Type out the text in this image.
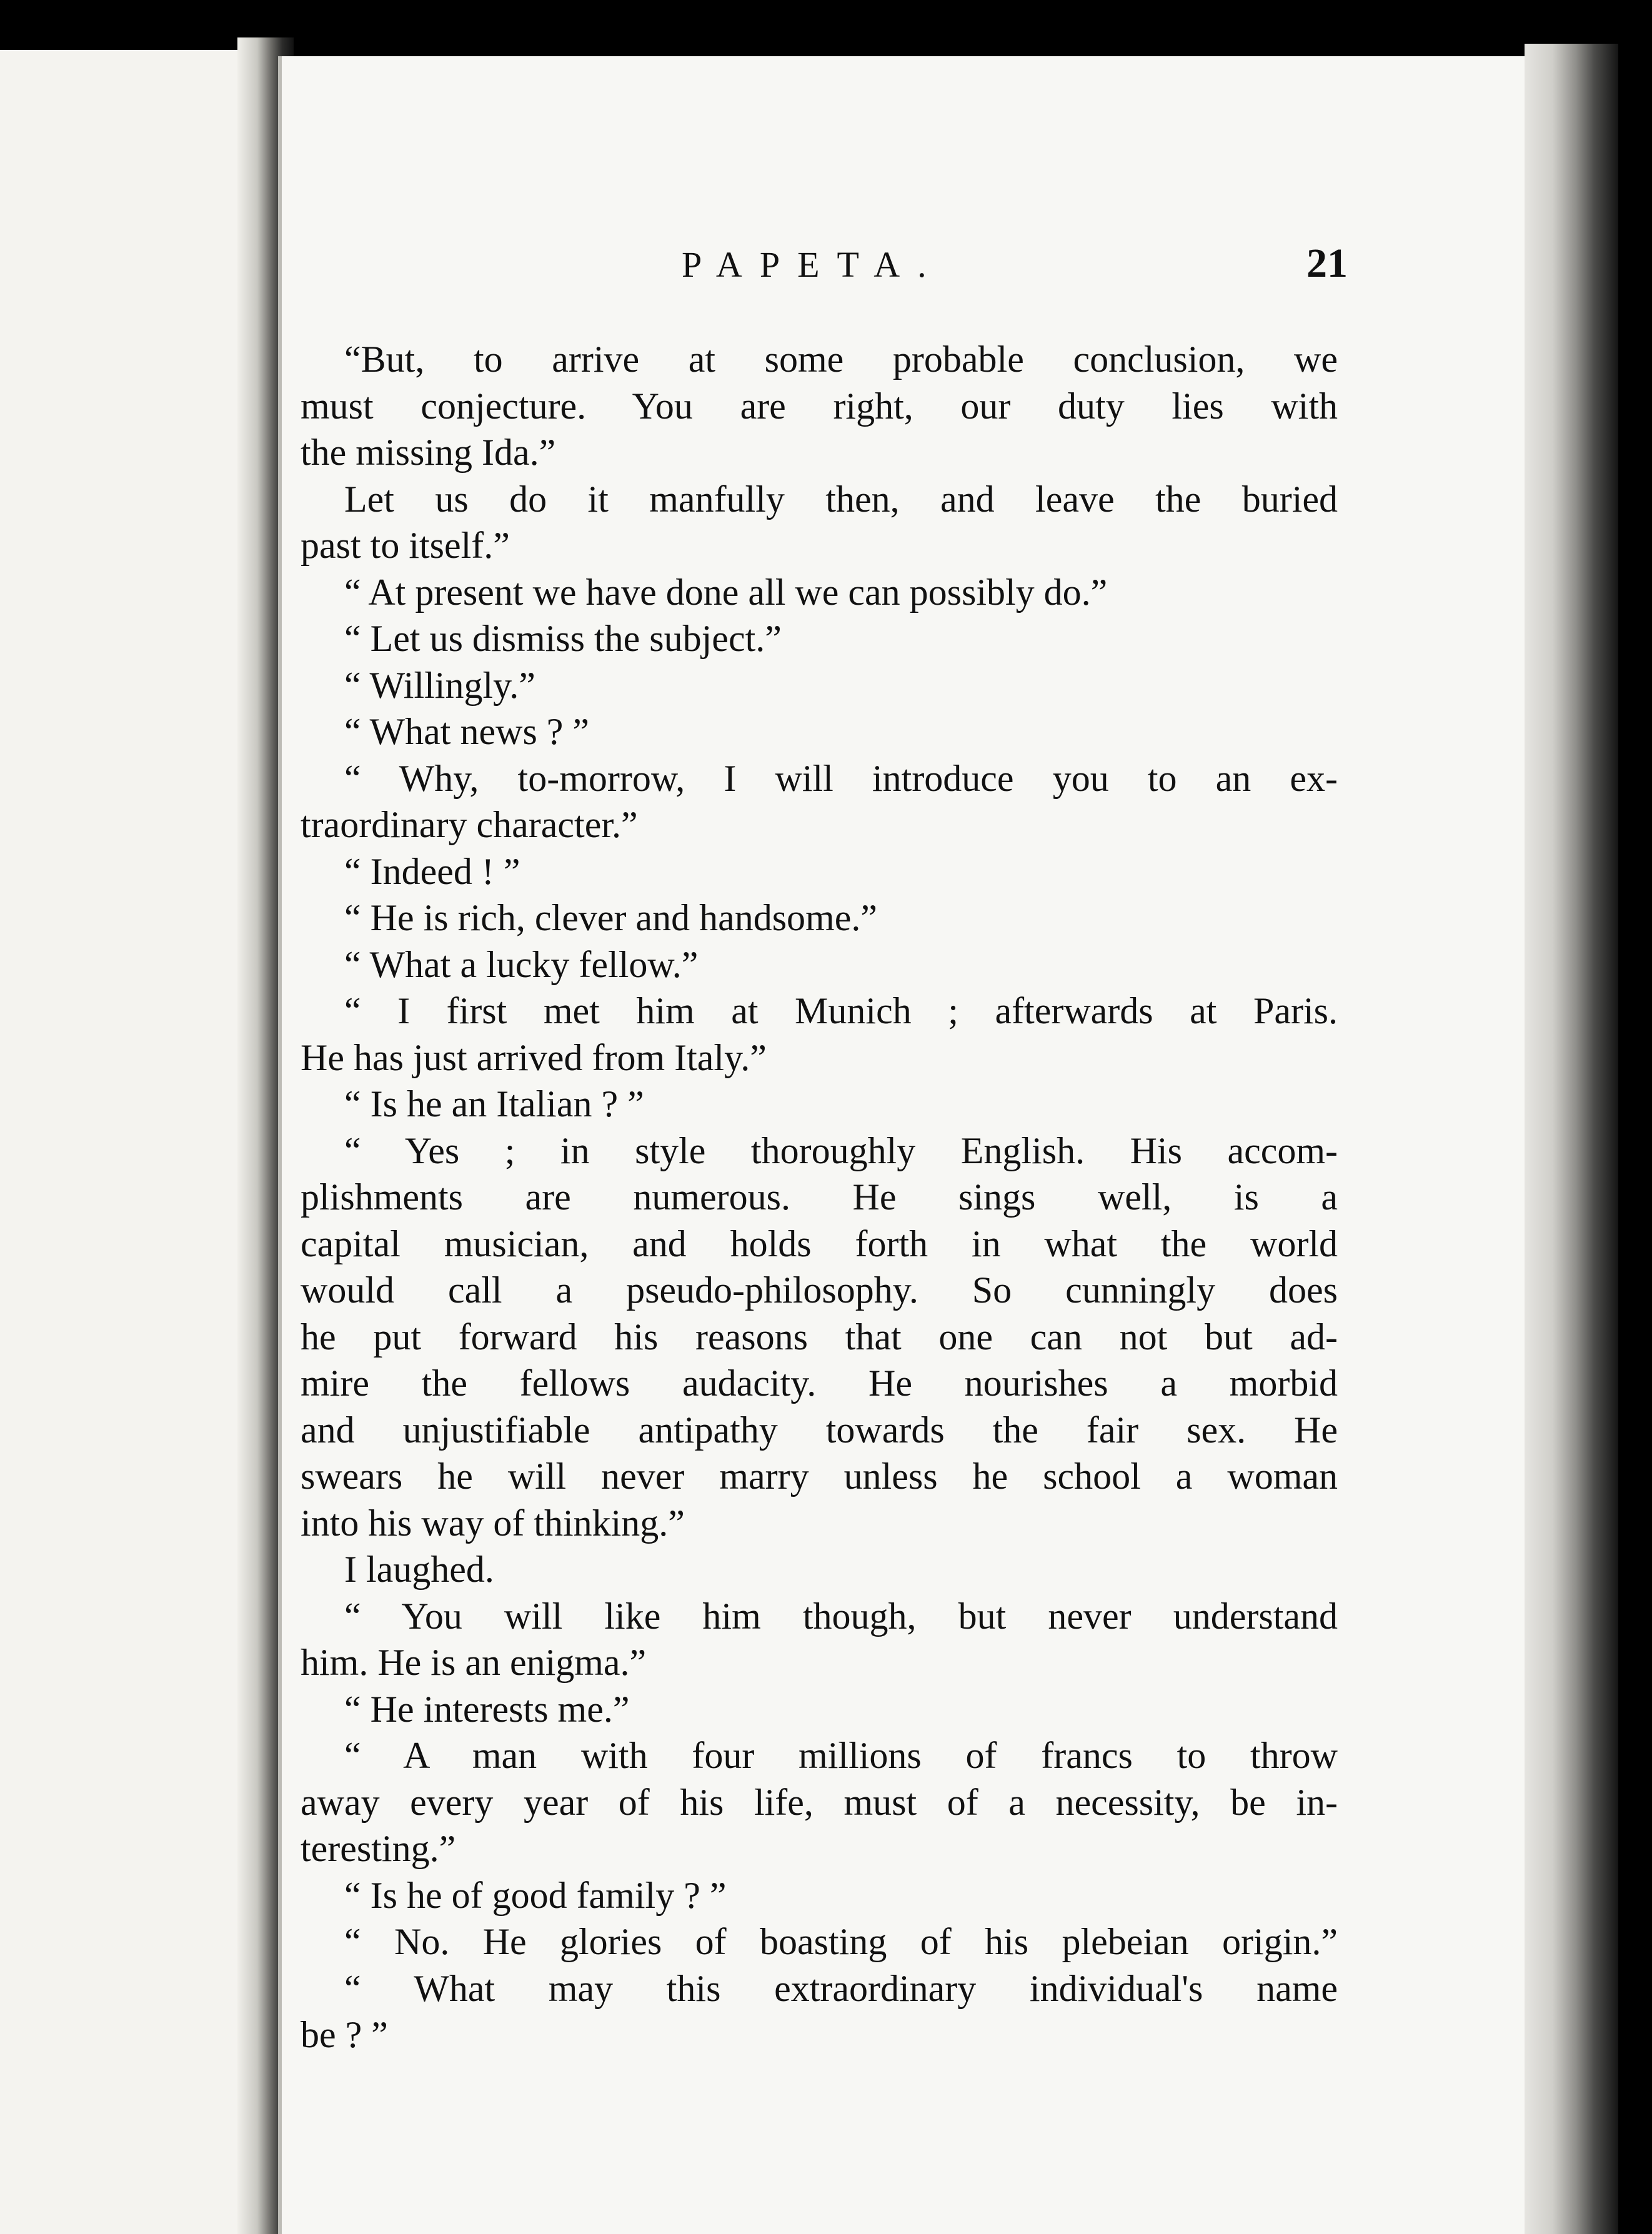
PAPETA.	21
“But, to arrive at some probable conclusion, we
must conjecture. You are right, our duty lies with
the missing Ida.”
Let us do it manfully then, and leave the buried
past to itself.”
“ At present we have done all we can possibly do.”
“ Let us dismiss the subject.”
“ Willingly.”
“ What news ? ”
“ Why, to-morrow, I will introduce you to an ex-
traordinary character.”
“ Indeed ! ”
“ He is rich, clever and handsome.”
“ What a lucky fellow.”
“ I first met him at Munich ; afterwards at Paris.
He has just arrived from Italy.”
“ Is he an Italian ? ”
“ Yes ; in style thoroughly English. His accom-
plishments are numerous. He sings well, is a
capital musician, and holds forth in what the world
would call a pseudo-philosophy. So cunningly does
he put forward his reasons that one can not but ad-
mire the fellows audacity. He nourishes a morbid
and unjustifiable antipathy towards the fair sex. He
swears he will never marry unless he school a woman
into his way of thinking.”
I laughed.
“ You will like him though, but never understand
him. He is an enigma.”
“ He interests me.”
“ A man with four millions of francs to throw
away every year of his life, must of a necessity, be in-
teresting.”
“ Is he of good family ? ”
“ No. He glories of boasting of his plebeian origin.”
“ What may this extraordinary individual's name
be ? ”
